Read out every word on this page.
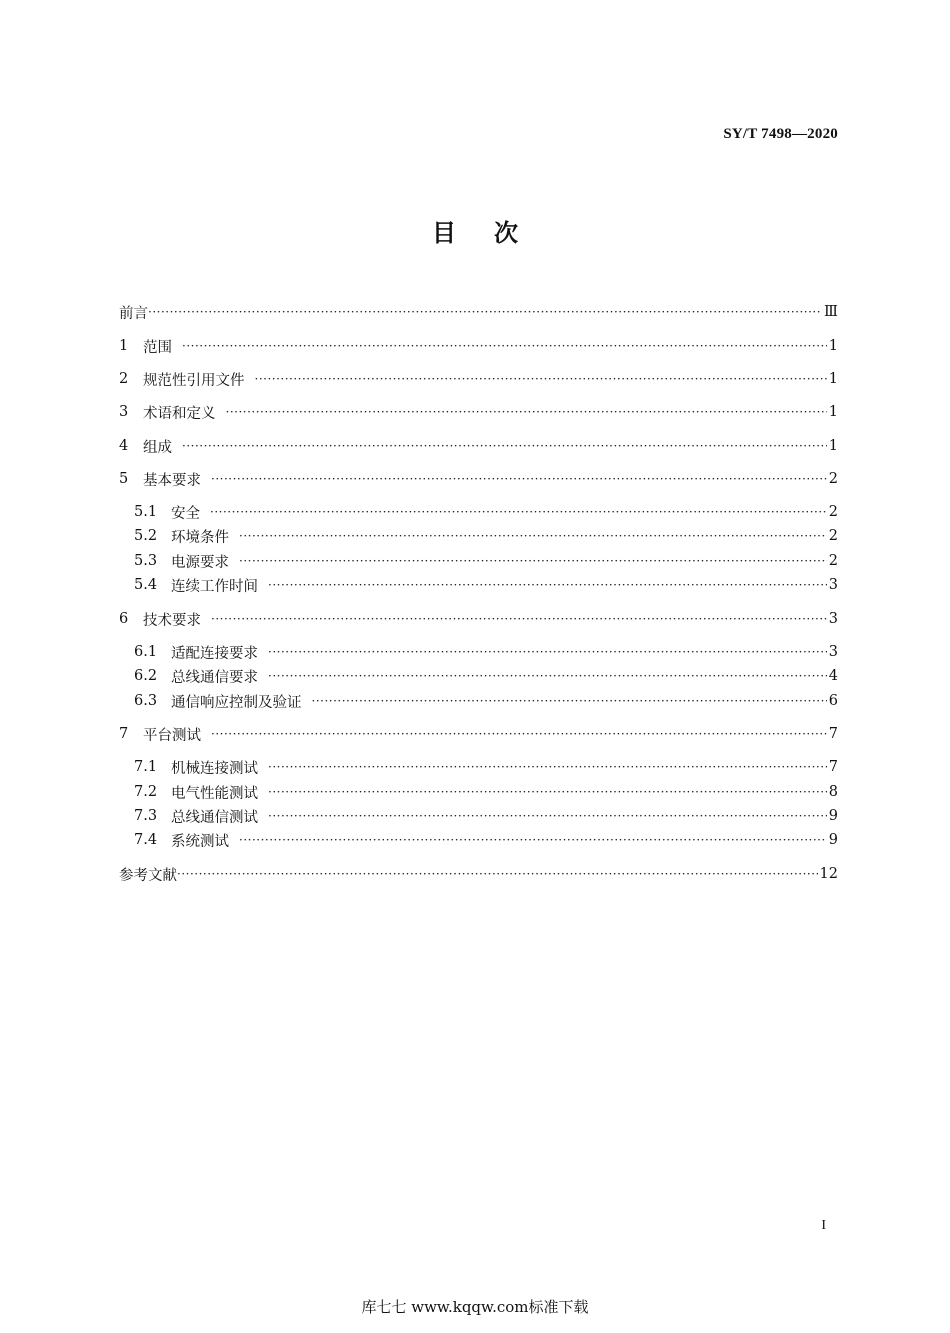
SY/T 7498—2020
目次
前言 ·····	Ⅲ
1	范围 ·····	1
2	规范性引用文件 ·····	1
3	术语和定义 ·····	1
4	组成 ·····	1
5	基本要求 ·····	2
5.1 安全 ·····	2
5.2 环境条件 ·····	2
5.3 电源要求 ·····	2
5.4 连续工作时间 ·····	3
6	技术要求 ·····	3
6.1 适配连接要求 ·····	3
6.2 总线通信要求 ·····	4
6.3 通信响应控制及验证 ·····	6
7	平台测试 ·····	7
7.1 机械连接测试 ·····	7
7.2 电气性能测试 ·····	8
7.3 总线通信测试 ·····	9
7.4 系统测试 ·····	9
参考文献 ·····	12
I
库七七 www.kqqw.com标准下载
